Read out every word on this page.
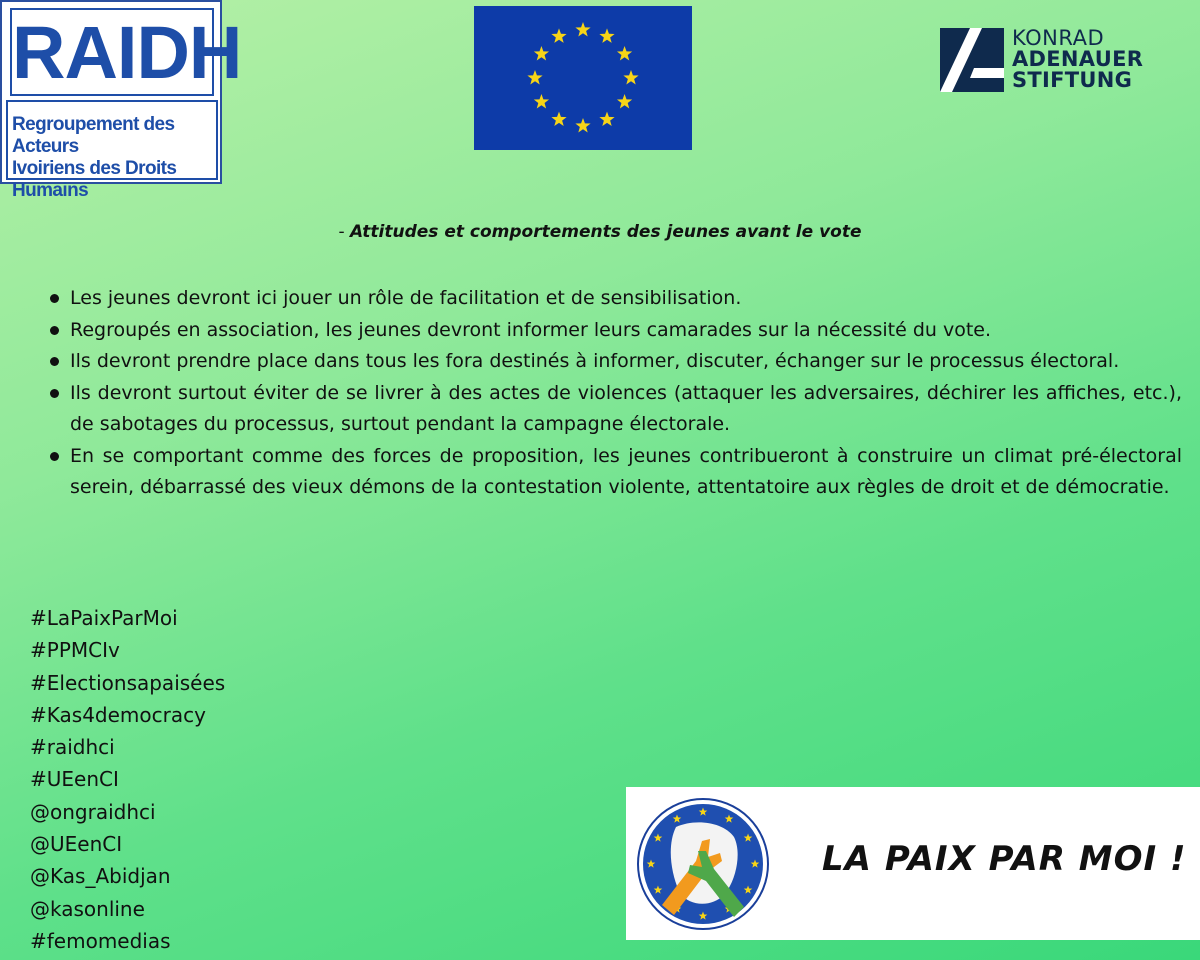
RAIDH
Regroupement des Acteurs
Ivoiriens des Droits Humains
KONRAD
ADENAUER
STIFTUNG
- Attitudes et comportements des jeunes avant le vote
Les jeunes devront ici jouer un rôle de facilitation et de sensibilisation.
Regroupés en association, les jeunes devront informer leurs camarades sur la nécessité du vote.
Ils devront prendre place dans tous les fora destinés à informer, discuter, échanger sur le processus électoral.
Ils devront surtout éviter de se livrer à des actes de violences (attaquer les adversaires, déchirer les affiches, etc.), de sabotages du processus, surtout pendant la campagne électorale.
En se comportant comme des forces de proposition, les jeunes contribueront à construire un climat pré-électoral serein, débarrassé des vieux démons de la contestation violente, attentatoire aux règles de droit et de démocratie.
#LaPaixParMoi
#PPMCIv
#Electionsapaisées
#Kas4democracy
#raidhci
#UEenCI
@ongraidhci
@UEenCI
@Kas_Abidjan
@kasonline
#femomedias
LA PAIX PAR MOI !
